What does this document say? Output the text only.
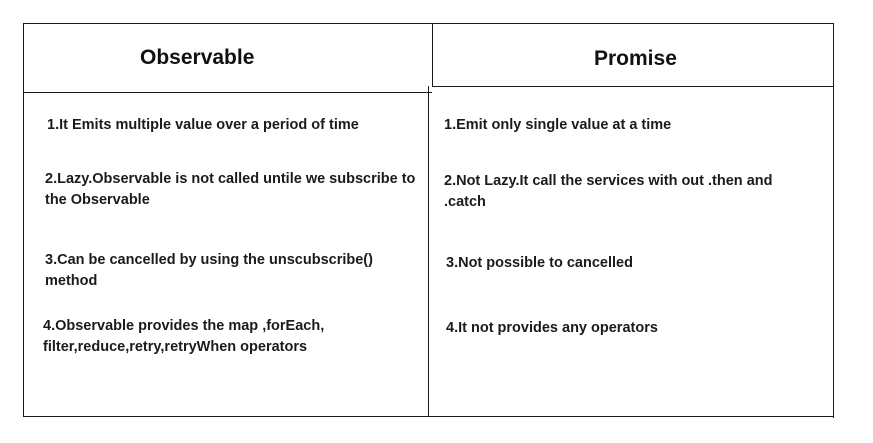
Observable	Promise
1.It Emits multiple value over a period of time
2.Lazy.Observable is not called untile we subscribe to the Observable
3.Can be cancelled by using the unscubscribe() method
4.Observable provides the map ,forEach, filter,reduce,retry,retryWhen operators
1.Emit only single value at a time
2.Not Lazy.It call the services with out .then and .catch
3.Not possible to cancelled
4.It not provides any operators
